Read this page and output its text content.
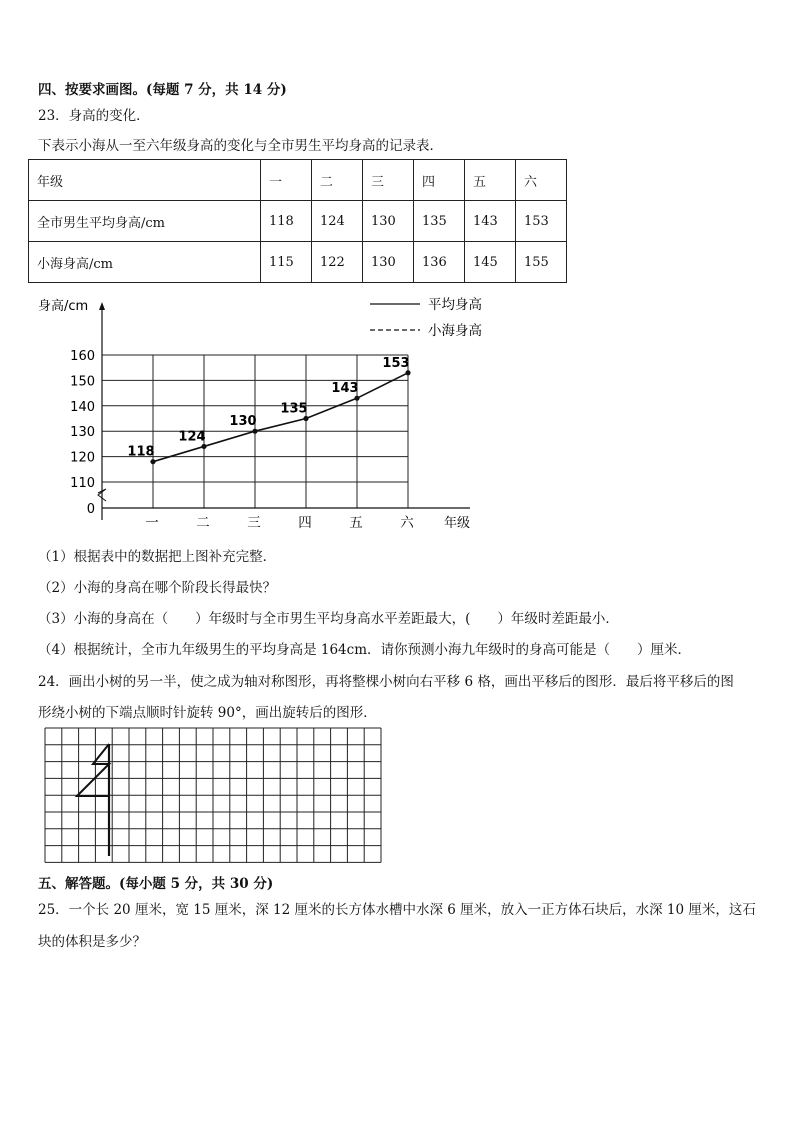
四、按要求画图。(每题 7 分，共 14 分)
23．身高的变化．
下表示小海从一至六年级身高的变化与全市男生平均身高的记录表．
年级	一	二	三	四	五	六
全市男生平均身高/cm	118	124	130	135	143	153
小海身高/cm	115	122	130	136	145	155
身高/cm
年级
160
150
140
130
120
110
0
一	二	三	四	五	六
118
124
130
135
143
153
平均身高
小海身高
（1）根据表中的数据把上图补充完整．
（2）小海的身高在哪个阶段长得最快？
（3）小海的身高在（　　）年级时与全市男生平均身高水平差距最大，(　　）年级时差距最小．
（4）根据统计，全市九年级男生的平均身高是 164cm．请你预测小海九年级时的身高可能是（　　）厘米．
24．画出小树的另一半，使之成为轴对称图形，再将整棵小树向右平移 6 格，画出平移后的图形．最后将平移后的图
形绕小树的下端点顺时针旋转 90°，画出旋转后的图形．
五、解答题。(每小题 5 分，共 30 分)
25．一个长 20 厘米，宽 15 厘米，深 12 厘米的长方体水槽中水深 6 厘米，放入一正方体石块后，水深 10 厘米，这石
块的体积是多少？
